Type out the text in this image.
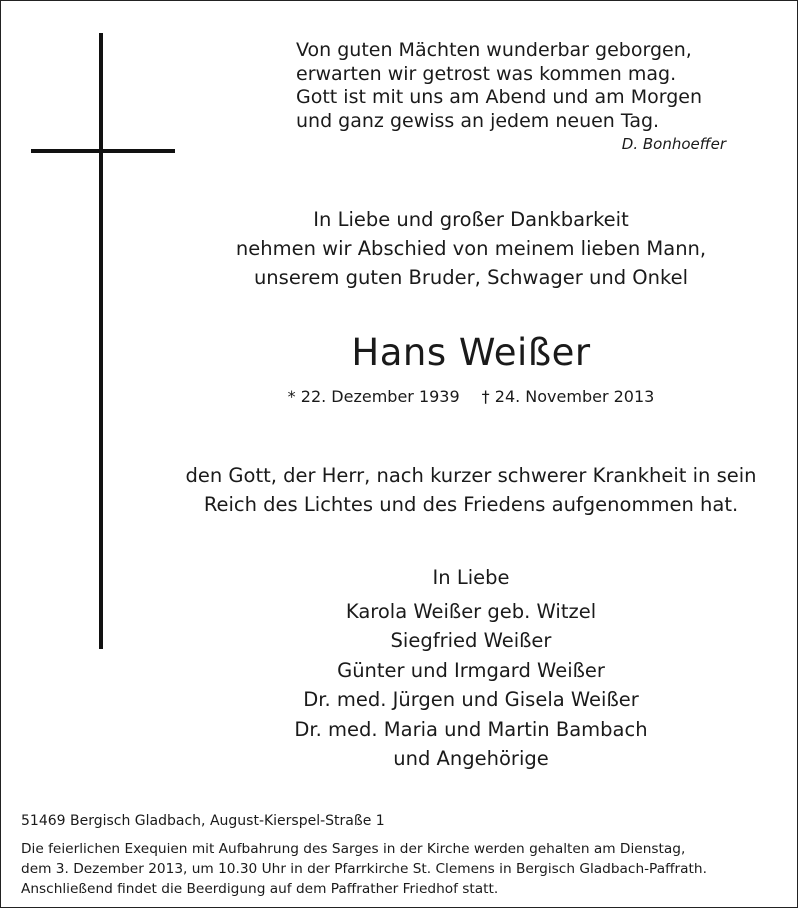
Von guten Mächten wunderbar geborgen,
erwarten wir getrost was kommen mag.
Gott ist mit uns am Abend und am Morgen
und ganz gewiss an jedem neuen Tag.
D. Bonhoeffer
In Liebe und großer Dankbarkeit
nehmen wir Abschied von meinem lieben Mann,
unserem guten Bruder, Schwager und Onkel
Hans Weißer
* 22. Dezember 1939 † 24. November 2013
den Gott, der Herr, nach kurzer schwerer Krankheit in sein
Reich des Lichtes und des Friedens aufgenommen hat.
In Liebe
Karola Weißer geb. Witzel
Siegfried Weißer
Günter und Irmgard Weißer
Dr. med. Jürgen und Gisela Weißer
Dr. med. Maria und Martin Bambach
und Angehörige
51469 Bergisch Gladbach, August-Kierspel-Straße 1
Die feierlichen Exequien mit Aufbahrung des Sarges in der Kirche werden gehalten am Dienstag,
dem 3. Dezember 2013, um 10.30 Uhr in der Pfarrkirche St. Clemens in Bergisch Gladbach-Paffrath.
Anschließend findet die Beerdigung auf dem Paffrather Friedhof statt.
